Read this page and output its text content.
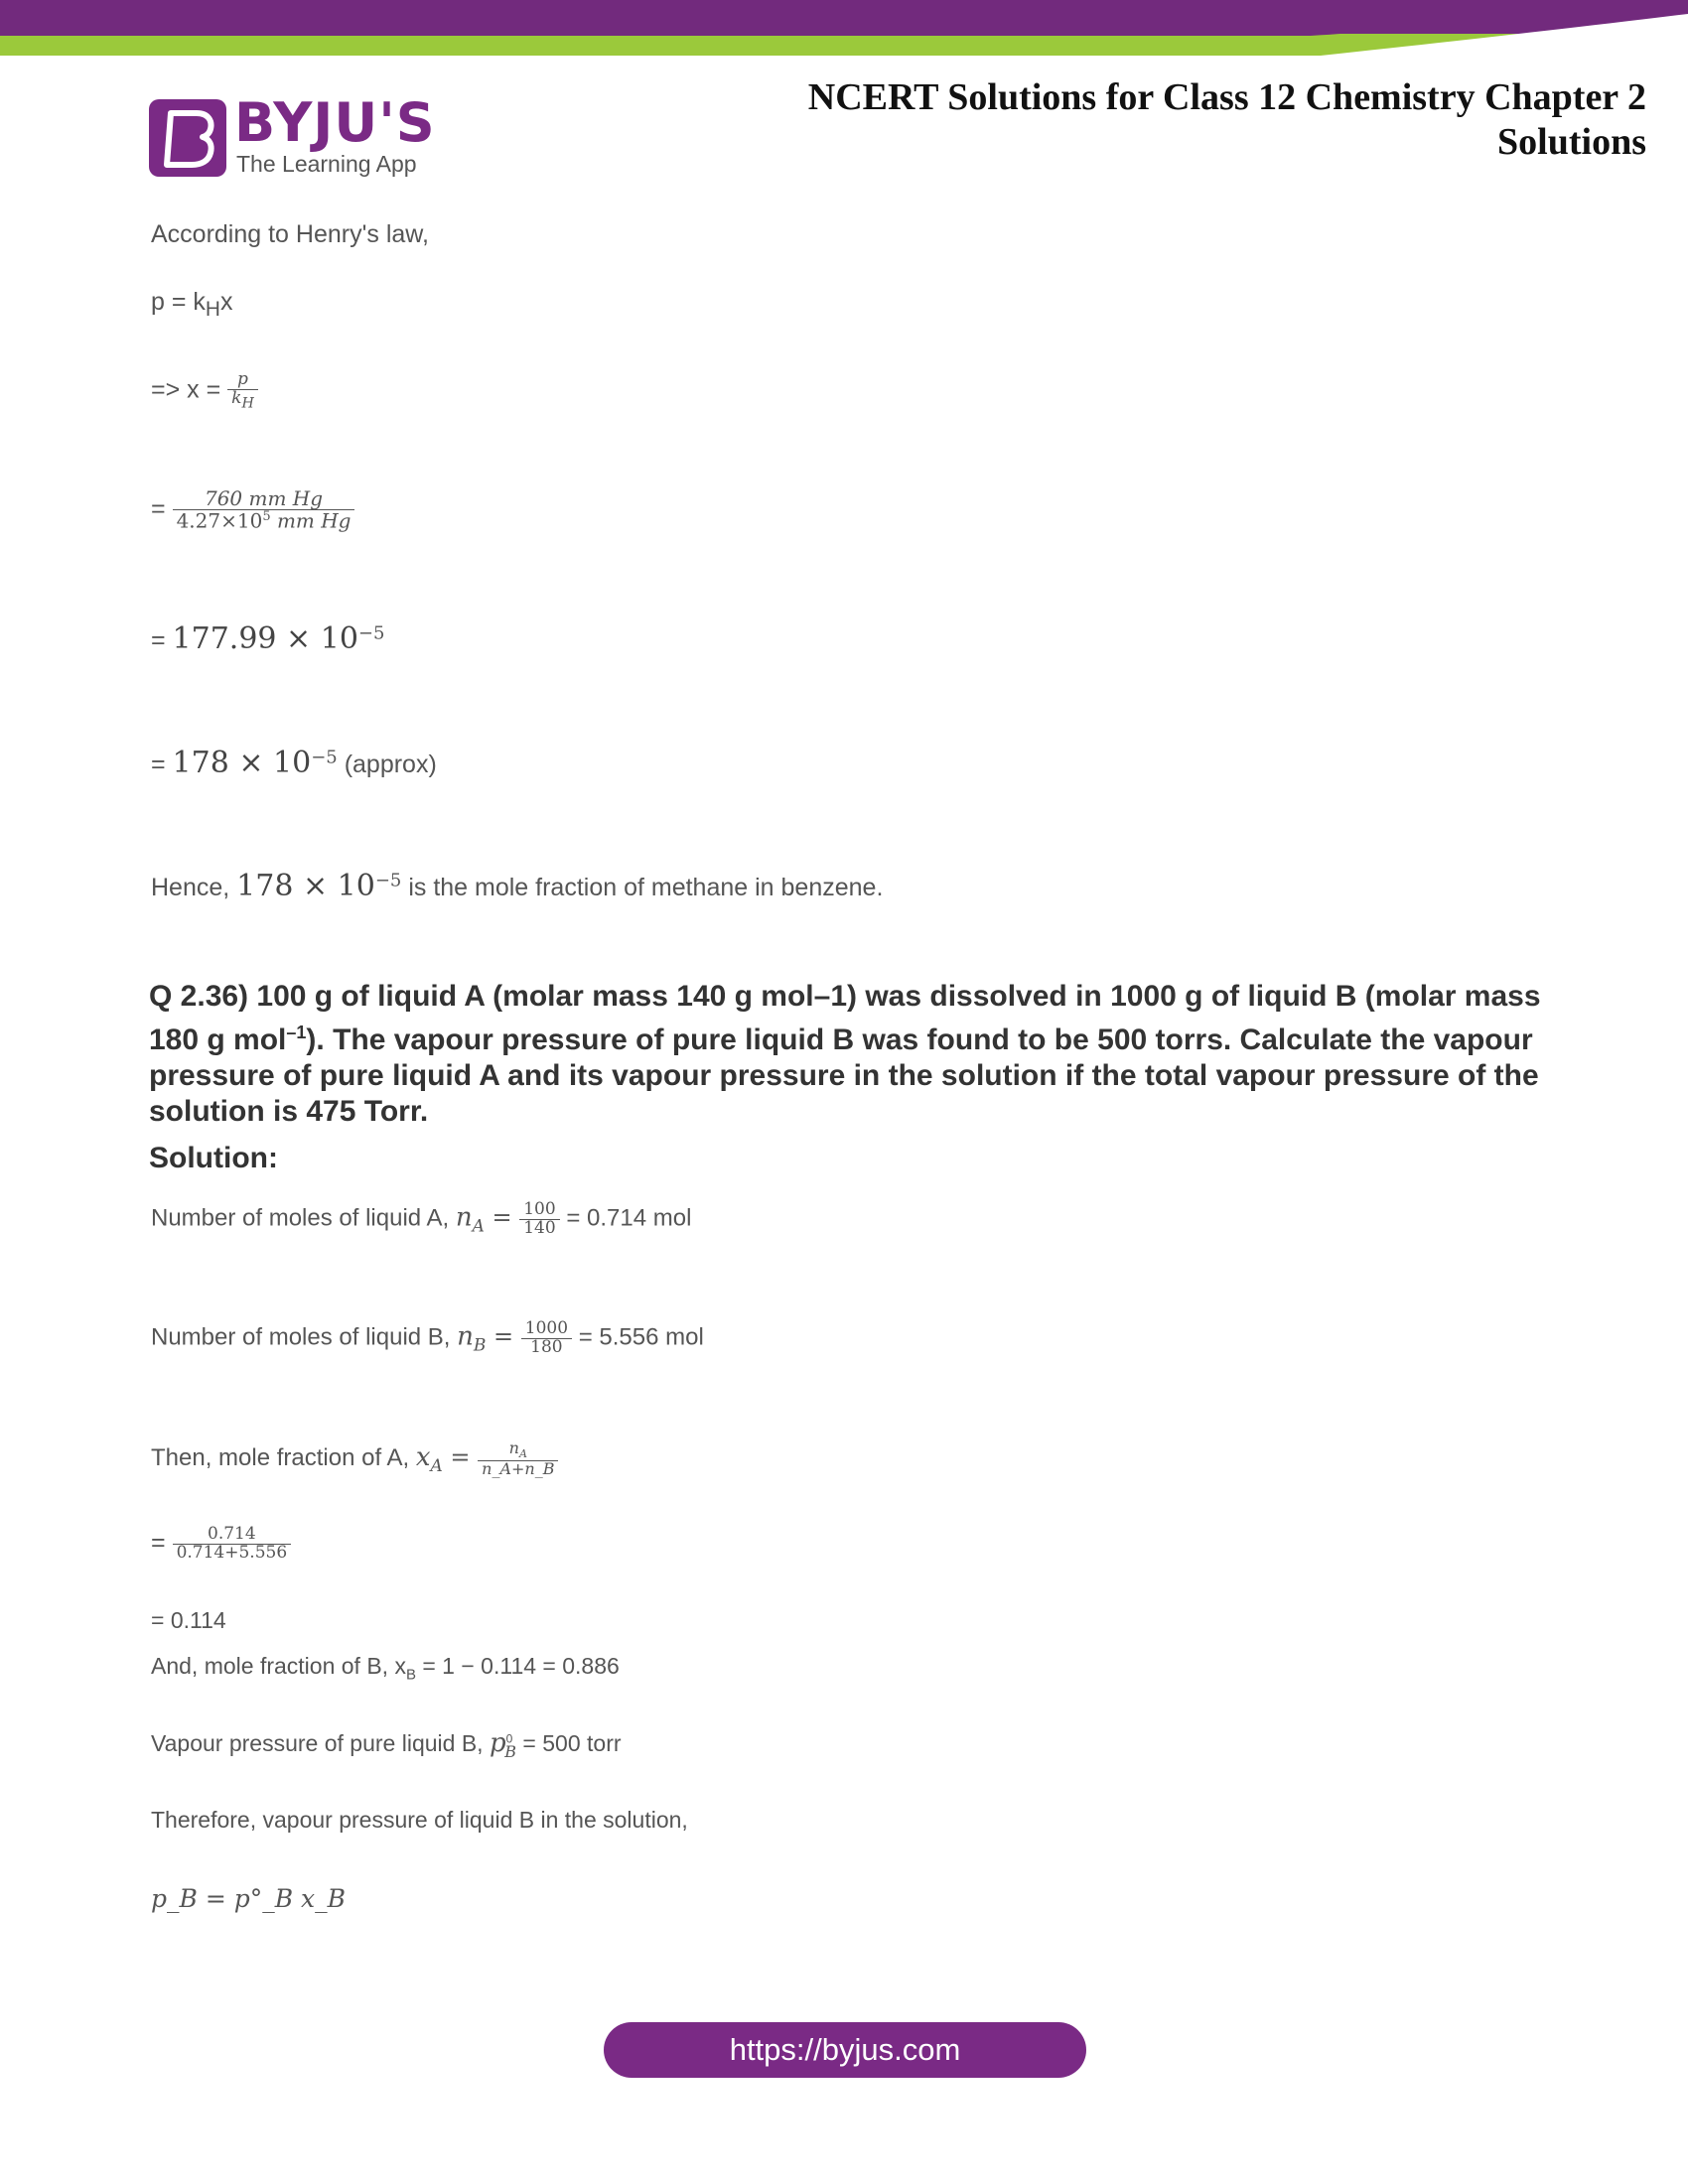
BYJU'S
The Learning App
NCERT Solutions for Class 12 Chemistry Chapter 2
Solutions
According to Henry's law,
$p = k_Hx$
=> $x = \frac{p}{k_H}$
= $\frac{\text{760 mm Hg}}{4.27\times 10^5 mm Hg}$
= $177.99 \times 10^{-5}$
= $178 \times 10^{-5}$ (approx)
Hence, $178 \times 10^{-5}$ is the mole fraction of methane in benzene.
Q 2.36) 100 g of liquid A (molar mass 140 g mol–1) was dissolved in 1000 g of liquid B (molar mass 180 g mol$^{-1}$). The vapour pressure of pure liquid B was found to be 500 torrs. Calculate the vapour pressure of pure liquid A and its vapour pressure in the solution if the total vapour pressure of the solution is 475 Torr.
Solution:
Number of moles of liquid A, $n_A = \frac{100}{140} = 0.714$ mol
Number of moles of liquid B, $n_B = \frac{1000}{180} = 5.556$ mol
Then, mole fraction of A, $x_A = \frac{n_A}{n\_A+n\_B}$
= $\frac{0.714}{0.714+5.556}$
= 0.114
And, mole fraction of B, $x_B = 1 - 0.114 = 0.886$
Vapour pressure of pure liquid B, $p^0_B = 500$ torr
Therefore, vapour pressure of liquid B in the solution,
p_B = p°_B x_B
https://byjus.com
